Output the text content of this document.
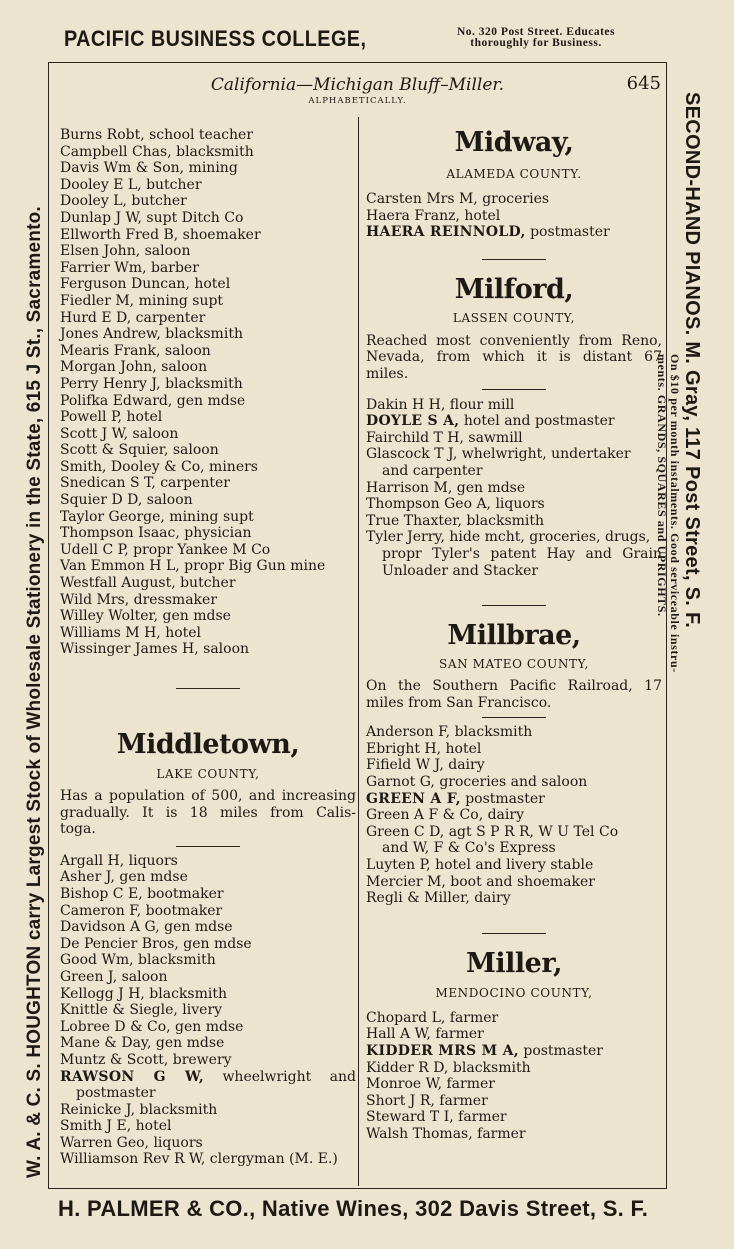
PACIFIC BUSINESS COLLEGE,	No. 320 Post Street. Educates
thoroughly for Business.
W. A. & C. S. HOUGHTON carry Largest Stock of Wholesale Stationery in the State, 615 J St., Sacramento.	SECOND-HAND PIANOS. M. Gray, 117 Post Street, S. F.
On $10 per month instalments. Good serviceable instru-
ments. GRANDS, SQUARES and UPRIGHTS.
H. PALMER & CO., Native Wines, 302 Davis Street, S. F.
California—Michigan Bluff–Miller.	645
ALPHABETICALLY.
Burns Robt, school teacher
Campbell Chas, blacksmith
Davis Wm & Son, mining
Dooley E L, butcher
Dooley L, butcher
Dunlap J W, supt Ditch Co
Ellworth Fred B, shoemaker
Elsen John, saloon
Farrier Wm, barber
Ferguson Duncan, hotel
Fiedler M, mining supt
Hurd E D, carpenter
Jones Andrew, blacksmith
Mearis Frank, saloon
Morgan John, saloon
Perry Henry J, blacksmith
Polifka Edward, gen mdse
Powell P, hotel
Scott J W, saloon
Scott & Squier, saloon
Smith, Dooley & Co, miners
Snedican S T, carpenter
Squier D D, saloon
Taylor George, mining supt
Thompson Isaac, physician
Udell C P, propr Yankee M Co
Van Emmon H L, propr Big Gun mine
Westfall August, butcher
Wild Mrs, dressmaker
Willey Wolter, gen mdse
Williams M H, hotel
Wissinger James H, saloon
Middletown,
LAKE COUNTY,
Has a population of 500, and increasing
gradually. It is 18 miles from Calis-
toga.
Argall H, liquors
Asher J, gen mdse
Bishop C E, bootmaker
Cameron F, bootmaker
Davidson A G, gen mdse
De Pencier Bros, gen mdse
Good Wm, blacksmith
Green J, saloon
Kellogg J H, blacksmith
Knittle & Siegle, livery
Lobree D & Co, gen mdse
Mane & Day, gen mdse
Muntz & Scott, brewery
RAWSON G W, wheelwright and
postmaster
Reinicke J, blacksmith
Smith J E, hotel
Warren Geo, liquors
Williamson Rev R W, clergyman (M. E.)
Midway,
ALAMEDA COUNTY.
Carsten Mrs M, groceries
Haera Franz, hotel
HAERA REINNOLD, postmaster
Milford,
LASSEN COUNTY,
Reached most conveniently from Reno,
Nevada, from which it is distant 67
miles.
Dakin H H, flour mill
DOYLE S A, hotel and postmaster
Fairchild T H, sawmill
Glascock T J, whelwright, undertaker
and carpenter
Harrison M, gen mdse
Thompson Geo A, liquors
True Thaxter, blacksmith
Tyler Jerry, hide mcht, groceries, drugs,
propr Tyler's patent Hay and Grain
Unloader and Stacker
Millbrae,
SAN MATEO COUNTY,
On the Southern Pacific Railroad, 17
miles from San Francisco.
Anderson F, blacksmith
Ebright H, hotel
Fifield W J, dairy
Garnot G, groceries and saloon
GREEN A F, postmaster
Green A F & Co, dairy
Green C D, agt S P R R, W U Tel Co
and W, F & Co's Express
Luyten P, hotel and livery stable
Mercier M, boot and shoemaker
Regli & Miller, dairy
Miller,
MENDOCINO COUNTY,
Chopard L, farmer
Hall A W, farmer
KIDDER MRS M A, postmaster
Kidder R D, blacksmith
Monroe W, farmer
Short J R, farmer
Steward T I, farmer
Walsh Thomas, farmer
